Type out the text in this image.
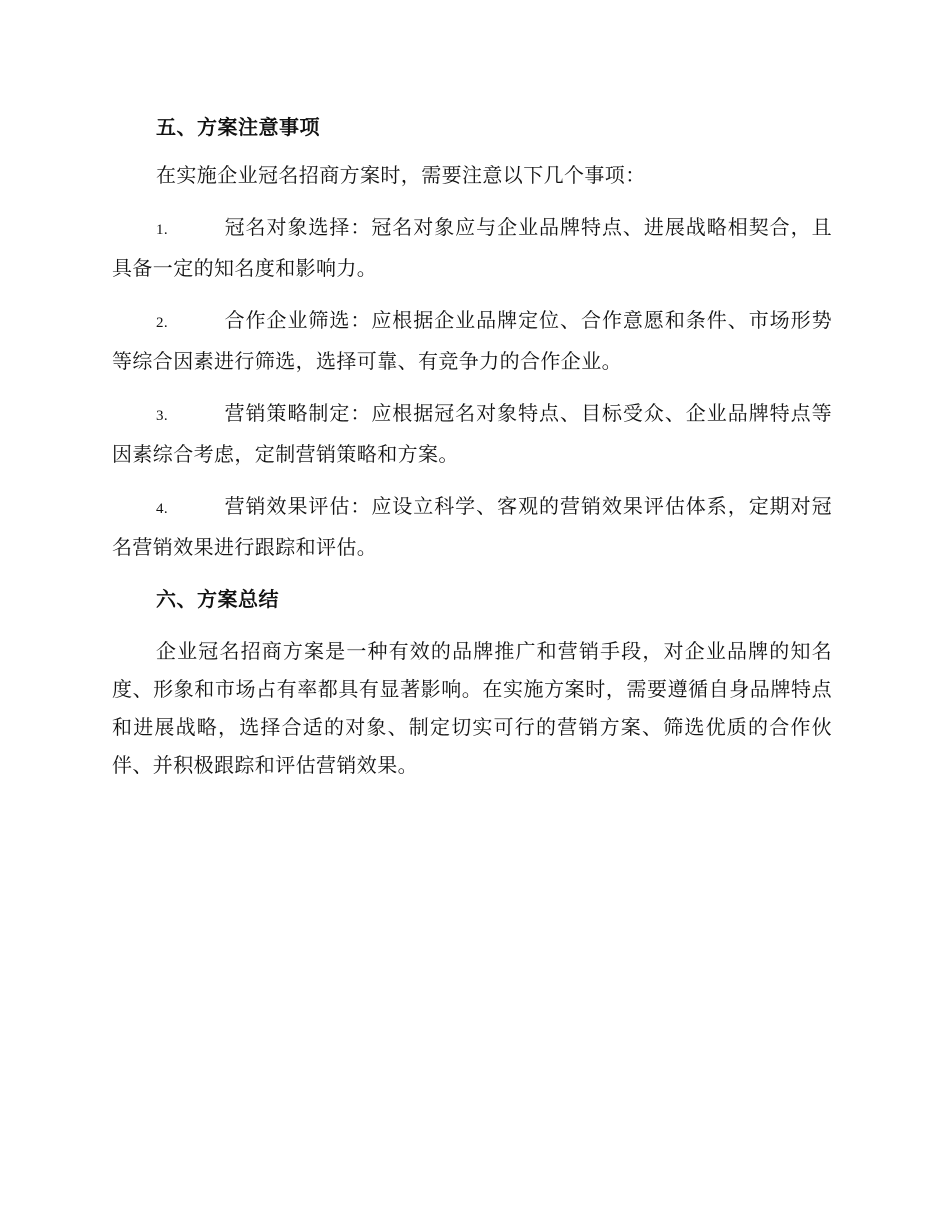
五、方案注意事项

在实施企业冠名招商方案时，需要注意以下几个事项：

1.	冠名对象选择：冠名对象应与企业品牌特点、进展战略相契合，且具备一定的知名度和影响力。

2.	合作企业筛选：应根据企业品牌定位、合作意愿和条件、市场形势等综合因素进行筛选，选择可靠、有竞争力的合作企业。

3.	营销策略制定：应根据冠名对象特点、目标受众、企业品牌特点等因素综合考虑，定制营销策略和方案。

4.	营销效果评估：应设立科学、客观的营销效果评估体系，定期对冠名营销效果进行跟踪和评估。

六、方案总结

企业冠名招商方案是一种有效的品牌推广和营销手段，对企业品牌的知名度、形象和市场占有率都具有显著影响。在实施方案时，需要遵循自身品牌特点和进展战略，选择合适的对象、制定切实可行的营销方案、筛选优质的合作伙伴、并积极跟踪和评估营销效果。
